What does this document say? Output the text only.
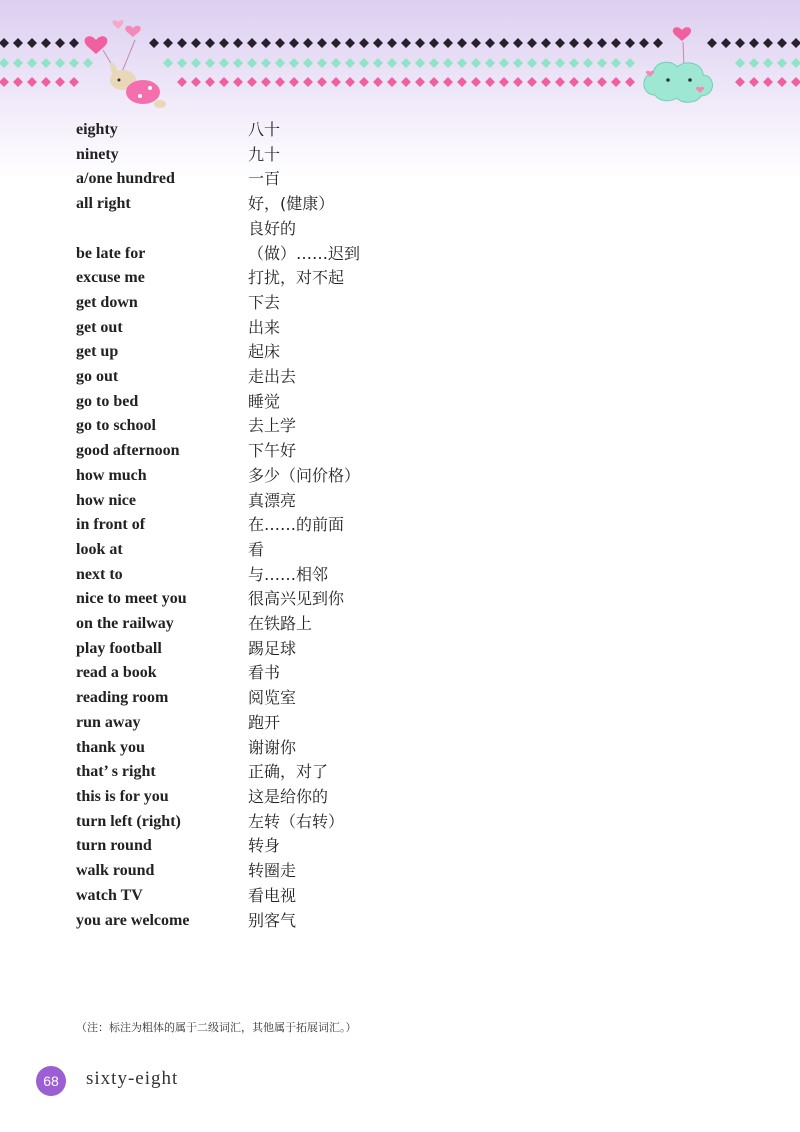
eighty	八十
ninety	九十
a/one hundred	一百
all right	好，(健康）
良好的
be late for	（做）……迟到
excuse me	打扰，对不起
get down	下去
get out	出来
get up	起床
go out	走出去
go to bed	睡觉
go to school	去上学
good afternoon	下午好
how much	多少（问价格）
how nice	真漂亮
in front of	在……的前面
look at	看
next to	与……相邻
nice to meet you	很高兴见到你
on the railway	在铁路上
play football	踢足球
read a book	看书
reading room	阅览室
run away	跑开
thank you	谢谢你
that’ s right	正确，对了
this is for you	这是给你的
turn left (right)	左转（右转）
turn round	转身
walk round	转圈走
watch TV	看电视
you are welcome	别客气
（注：标注为粗体的属于二级词汇，其他属于拓展词汇。）
68 sixty-eight
